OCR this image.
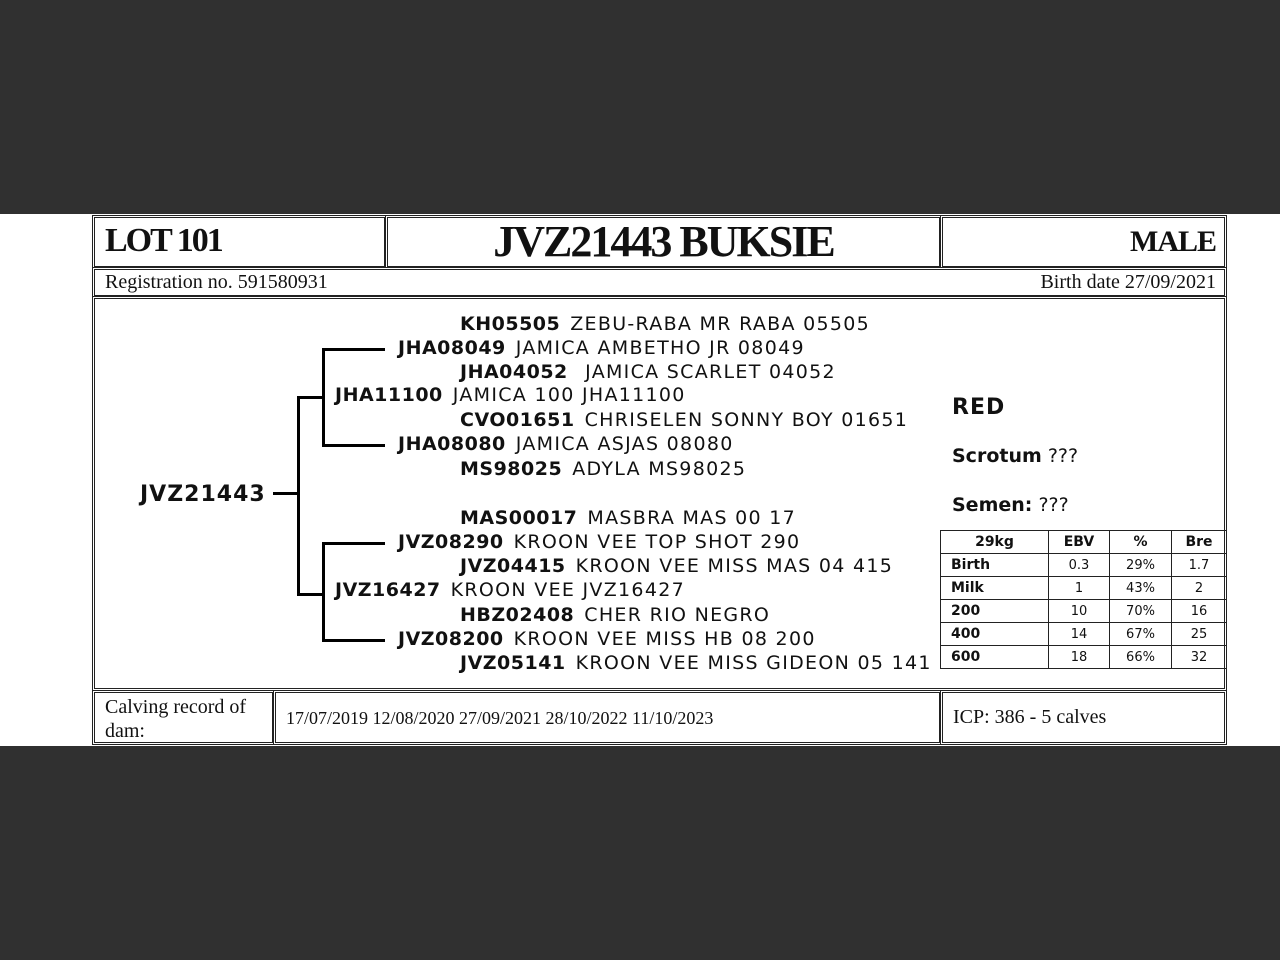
LOT 101	JVZ21443 BUKSIE	MALE
Registration no. 591580931	Birth date 27/09/2021
JVZ21443
KH05505 ZEBU-RABA MR RABA 05505
JHA08049 JAMICA AMBETHO JR 08049
JHA04052 JAMICA SCARLET 04052
JHA11100 JAMICA 100 JHA11100
CVO01651 CHRISELEN SONNY BOY 01651
JHA08080 JAMICA ASJAS 08080
MS98025 ADYLA MS98025
MAS00017 MASBRA MAS 00 17
JVZ08290 KROON VEE TOP SHOT 290
JVZ04415 KROON VEE MISS MAS 04 415
JVZ16427 KROON VEE JVZ16427
HBZ02408 CHER RIO NEGRO
JVZ08200 KROON VEE MISS HB 08 200
JVZ05141 KROON VEE MISS GIDEON 05 141
RED
Scrotum ???
Semen: ???
29kg	EBV	%	Bre
Birth	0.3	29%	1.7
Milk	1	43%	2
200	10	70%	16
400	14	67%	25
600	18	66%	32
Calving record of dam:
17/07/2019 12/08/2020 27/09/2021 28/10/2022 11/10/2023	ICP: 386 - 5 calves
